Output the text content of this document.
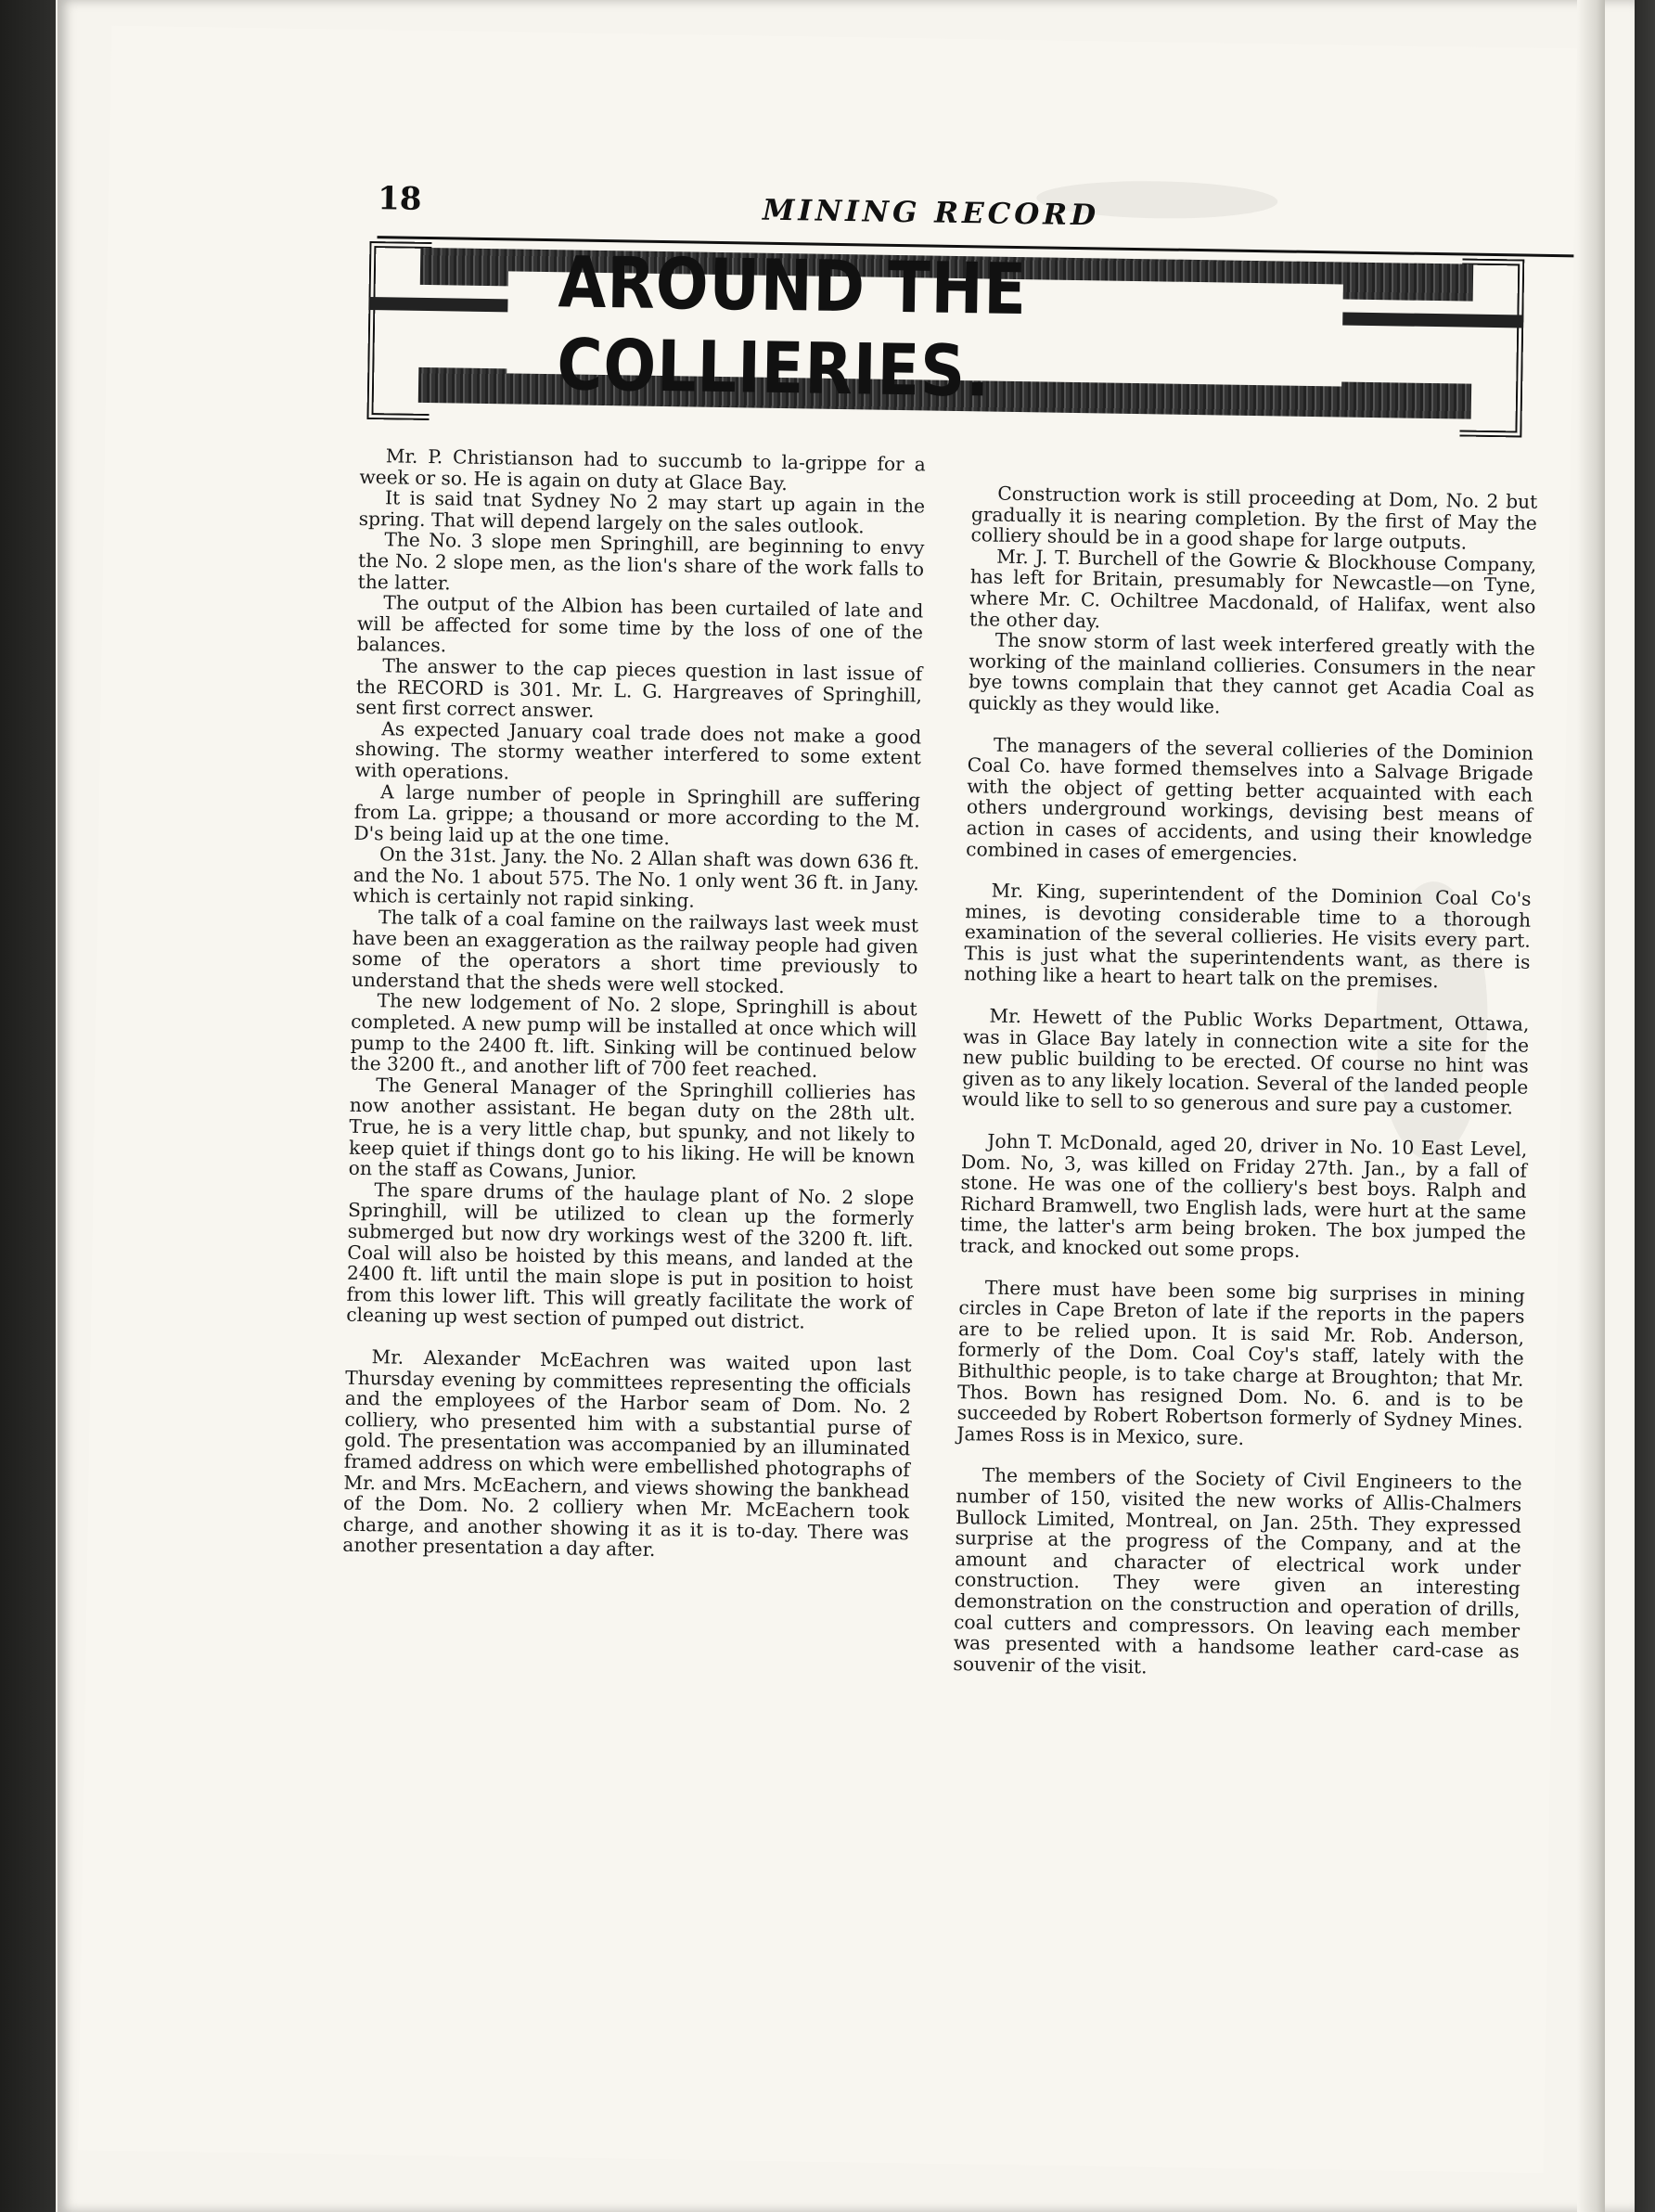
18	MINING RECORD
AROUND THE COLLIERIES.

Mr. P. Christianson had to succumb to la-grippe for a week or so. He is again on duty at Glace Bay.

It is said tnat Sydney No 2 may start up again in the spring. That will depend largely on the sales outlook.

The No. 3 slope men Springhill, are beginning to envy the No. 2 slope men, as the lion's share of the work falls to the latter.

The output of the Albion has been curtailed of late and will be affected for some time by the loss of one of the balances.

The answer to the cap pieces question in last issue of the RECORD is 301. Mr. L. G. Hargreaves of Springhill, sent first correct answer.

As expected January coal trade does not make a good showing. The stormy weather interfered to some extent with operations.

A large number of people in Springhill are suffering from La. grippe; a thousand or more according to the M. D's being laid up at the one time.

On the 31st. Jany. the No. 2 Allan shaft was down 636 ft. and the No. 1 about 575. The No. 1 only went 36 ft. in Jany. which is certainly not rapid sinking.

The talk of a coal famine on the railways last week must have been an exaggeration as the railway people had given some of the operators a short time previously to understand that the sheds were well stocked.

The new lodgement of No. 2 slope, Springhill is about completed. A new pump will be installed at once which will pump to the 2400 ft. lift. Sinking will be continued below the 3200 ft., and another lift of 700 feet reached.

The General Manager of the Springhill collieries has now another assistant. He began duty on the 28th ult. True, he is a very little chap, but spunky, and not likely to keep quiet if things dont go to his liking. He will be known on the staff as Cowans, Junior.

The spare drums of the haulage plant of No. 2 slope Springhill, will be utilized to clean up the formerly submerged but now dry workings west of the 3200 ft. lift. Coal will also be hoisted by this means, and landed at the 2400 ft. lift until the main slope is put in position to hoist from this lower lift. This will greatly facilitate the work of cleaning up west section of pumped out district.

Mr. Alexander McEachren was waited upon last Thursday evening by committees representing the officials and the employees of the Harbor seam of Dom. No. 2 colliery, who presented him with a substantial purse of gold. The presentation was accompanied by an illuminated framed address on which were embellished photographs of Mr. and Mrs. McEachern, and views showing the bankhead of the Dom. No. 2 colliery when Mr. McEachern took charge, and another showing it as it is to-day. There was another presentation a day after.

Construction work is still proceeding at Dom, No. 2 but gradually it is nearing completion. By the first of May the colliery should be in a good shape for large outputs.

Mr. J. T. Burchell of the Gowrie & Blockhouse Company, has left for Britain, presumably for Newcastle—on Tyne, where Mr. C. Ochiltree Macdonald, of Halifax, went also the other day.

The snow storm of last week interfered greatly with the working of the mainland collieries. Consumers in the near bye towns complain that they cannot get Acadia Coal as quickly as they would like.

The managers of the several collieries of the Dominion Coal Co. have formed themselves into a Salvage Brigade with the object of getting better acquainted with each others underground workings, devising best means of action in cases of accidents, and using their knowledge combined in cases of emergencies.

Mr. King, superintendent of the Dominion Coal Co's mines, is devoting considerable time to a thorough examination of the several collieries. He visits every part. This is just what the superintendents want, as there is nothing like a heart to heart talk on the premises.

Mr. Hewett of the Public Works Department, Ottawa, was in Glace Bay lately in connection wite a site for the new public building to be erected. Of course no hint was given as to any likely location. Several of the landed people would like to sell to so generous and sure pay a customer.

John T. McDonald, aged 20, driver in No. 10 East Level, Dom. No, 3, was killed on Friday 27th. Jan., by a fall of stone. He was one of the colliery's best boys. Ralph and Richard Bramwell, two English lads, were hurt at the same time, the latter's arm being broken. The box jumped the track, and knocked out some props.

There must have been some big surprises in mining circles in Cape Breton of late if the reports in the papers are to be relied upon. It is said Mr. Rob. Anderson, formerly of the Dom. Coal Coy's staff, lately with the Bithulthic people, is to take charge at Broughton; that Mr. Thos. Bown has resigned Dom. No. 6. and is to be succeeded by Robert Robertson formerly of Sydney Mines. James Ross is in Mexico, sure.

The members of the Society of Civil Engineers to the number of 150, visited the new works of Allis-Chalmers Bullock Limited, Montreal, on Jan. 25th. They expressed surprise at the progress of the Company, and at the amount and character of electrical work under construction. They were given an interesting demonstration on the construction and operation of drills, coal cutters and compressors. On leaving each member was presented with a handsome leather card-case as souvenir of the visit.
